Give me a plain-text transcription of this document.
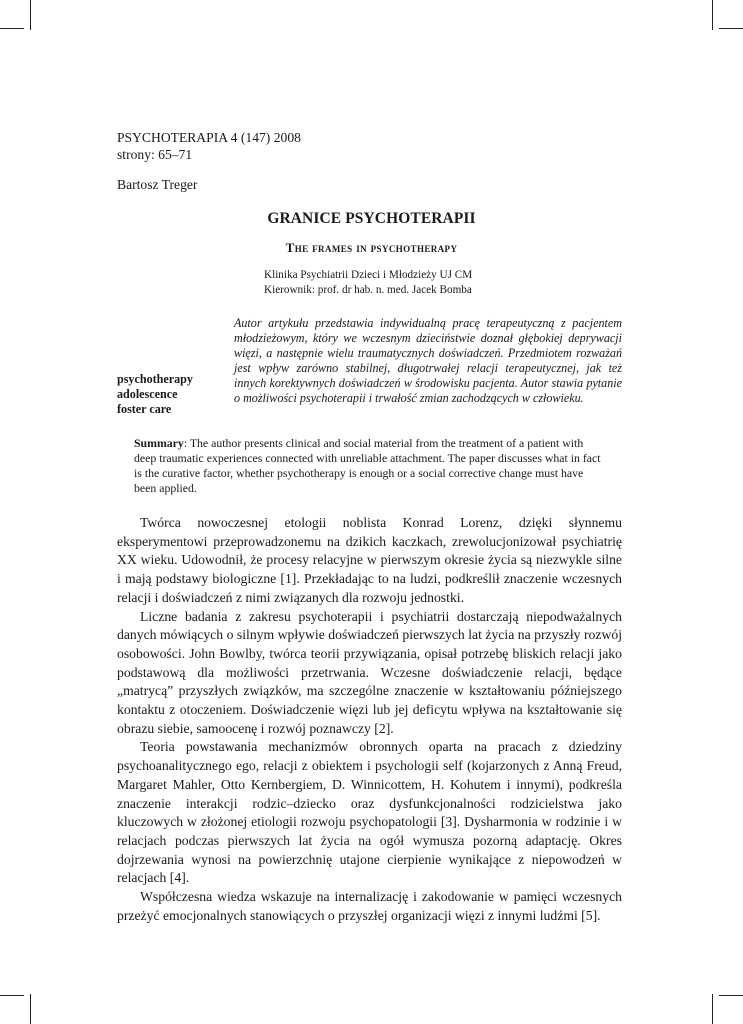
PSYCHOTERAPIA 4 (147) 2008
strony: 65–71
Bartosz Treger
GRANICE PSYCHOTERAPII
The frames in psychotherapy
Klinika Psychiatrii Dzieci i Młodzieży UJ CM
Kierownik: prof. dr hab. n. med. Jacek Bomba
Autor artykułu przedstawia indywidualną pracę terapeutyczną z pacjentem młodzieżowym, który we wczesnym dzieciństwie doznał głębokiej deprywacji więzi, a następnie wielu traumatycznych doświadczeń. Przedmiotem rozważań jest wpływ zarówno stabilnej, długotrwałej relacji terapeutycznej, jak też innych korektywnych doświadczeń w środowisku pacjenta. Autor stawia pytanie o możliwości psychoterapii i trwałość zmian zachodzących w człowieku.
psychotherapy
adolescence
foster care
Summary: The author presents clinical and social material from the treatment of a patient with deep traumatic experiences connected with unreliable attachment. The paper discusses what in fact is the curative factor, whether psychotherapy is enough or a social corrective change must have been applied.

Twórca nowoczesnej etologii noblista Konrad Lorenz, dzięki słynnemu eksperymentowi przeprowadzonemu na dzikich kaczkach, zrewolucjonizował psychiatrię XX wieku. Udowodnił, że procesy relacyjne w pierwszym okresie życia są niezwykle silne i mają podstawy biologiczne [1]. Przekładając to na ludzi, podkreślił znaczenie wczesnych relacji i doświadczeń z nimi związanych dla rozwoju jednostki.

Liczne badania z zakresu psychoterapii i psychiatrii dostarczają niepodważalnych danych mówiących o silnym wpływie doświadczeń pierwszych lat życia na przyszły rozwój osobowości. John Bowlby, twórca teorii przywiązania, opisał potrzebę bliskich relacji jako podstawową dla możliwości przetrwania. Wczesne doświadczenie relacji, będące „matrycą” przyszłych związków, ma szczególne znaczenie w kształtowaniu późniejszego kontaktu z otoczeniem. Doświadczenie więzi lub jej deficytu wpływa na kształtowanie się obrazu siebie, samoocenę i rozwój poznawczy [2].

Teoria powstawania mechanizmów obronnych oparta na pracach z dziedziny psychoanalitycznego ego, relacji z obiektem i psychologii self (kojarzonych z Anną Freud, Margaret Mahler, Otto Kernbergiem, D. Winnicottem, H. Kohutem i innymi), podkreśla znaczenie interakcji rodzic–dziecko oraz dysfunkcjonalności rodzicielstwa jako kluczowych w złożonej etiologii rozwoju psychopatologii [3]. Dysharmonia w rodzinie i w relacjach podczas pierwszych lat życia na ogół wymusza pozorną adaptację. Okres dojrzewania wynosi na powierzchnię utajone cierpienie wynikające z niepowodzeń w relacjach [4].

Współczesna wiedza wskazuje na internalizację i zakodowanie w pamięci wczesnych przeżyć emocjonalnych stanowiących o przyszłej organizacji więzi z innymi ludźmi [5].
